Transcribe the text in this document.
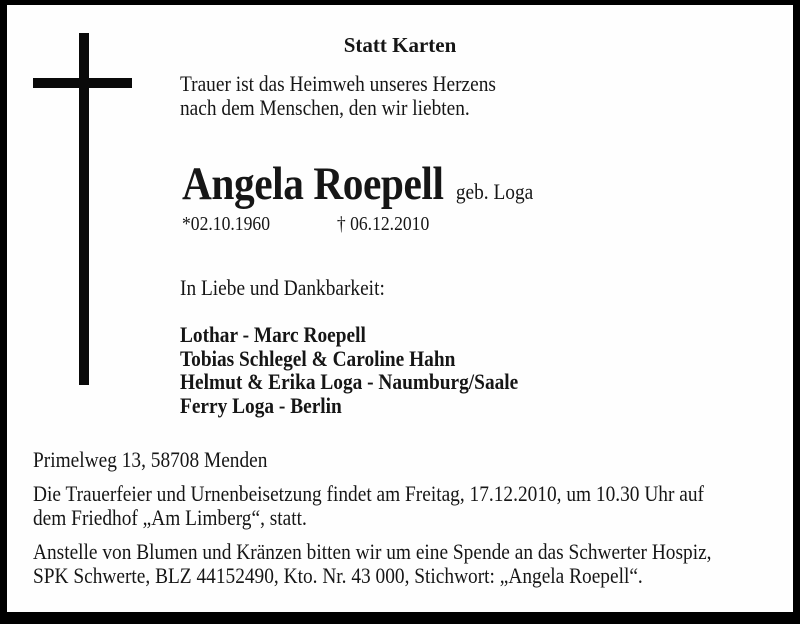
Statt Karten
Trauer ist das Heimweh unseres Herzens
nach dem Menschen, den wir liebten.
Angela Roepell geb. Loga
*02.10.1960	† 06.12.2010
In Liebe und Dankbarkeit:
Lothar - Marc Roepell
Tobias Schlegel & Caroline Hahn
Helmut & Erika Loga - Naumburg/Saale
Ferry Loga - Berlin
Primelweg 13, 58708 Menden
Die Trauerfeier und Urnenbeisetzung findet am Freitag, 17.12.2010, um 10.30 Uhr auf
dem Friedhof „Am Limberg“, statt.
Anstelle von Blumen und Kränzen bitten wir um eine Spende an das Schwerter Hospiz,
SPK Schwerte, BLZ 44152490, Kto. Nr. 43 000, Stichwort: „Angela Roepell“.
